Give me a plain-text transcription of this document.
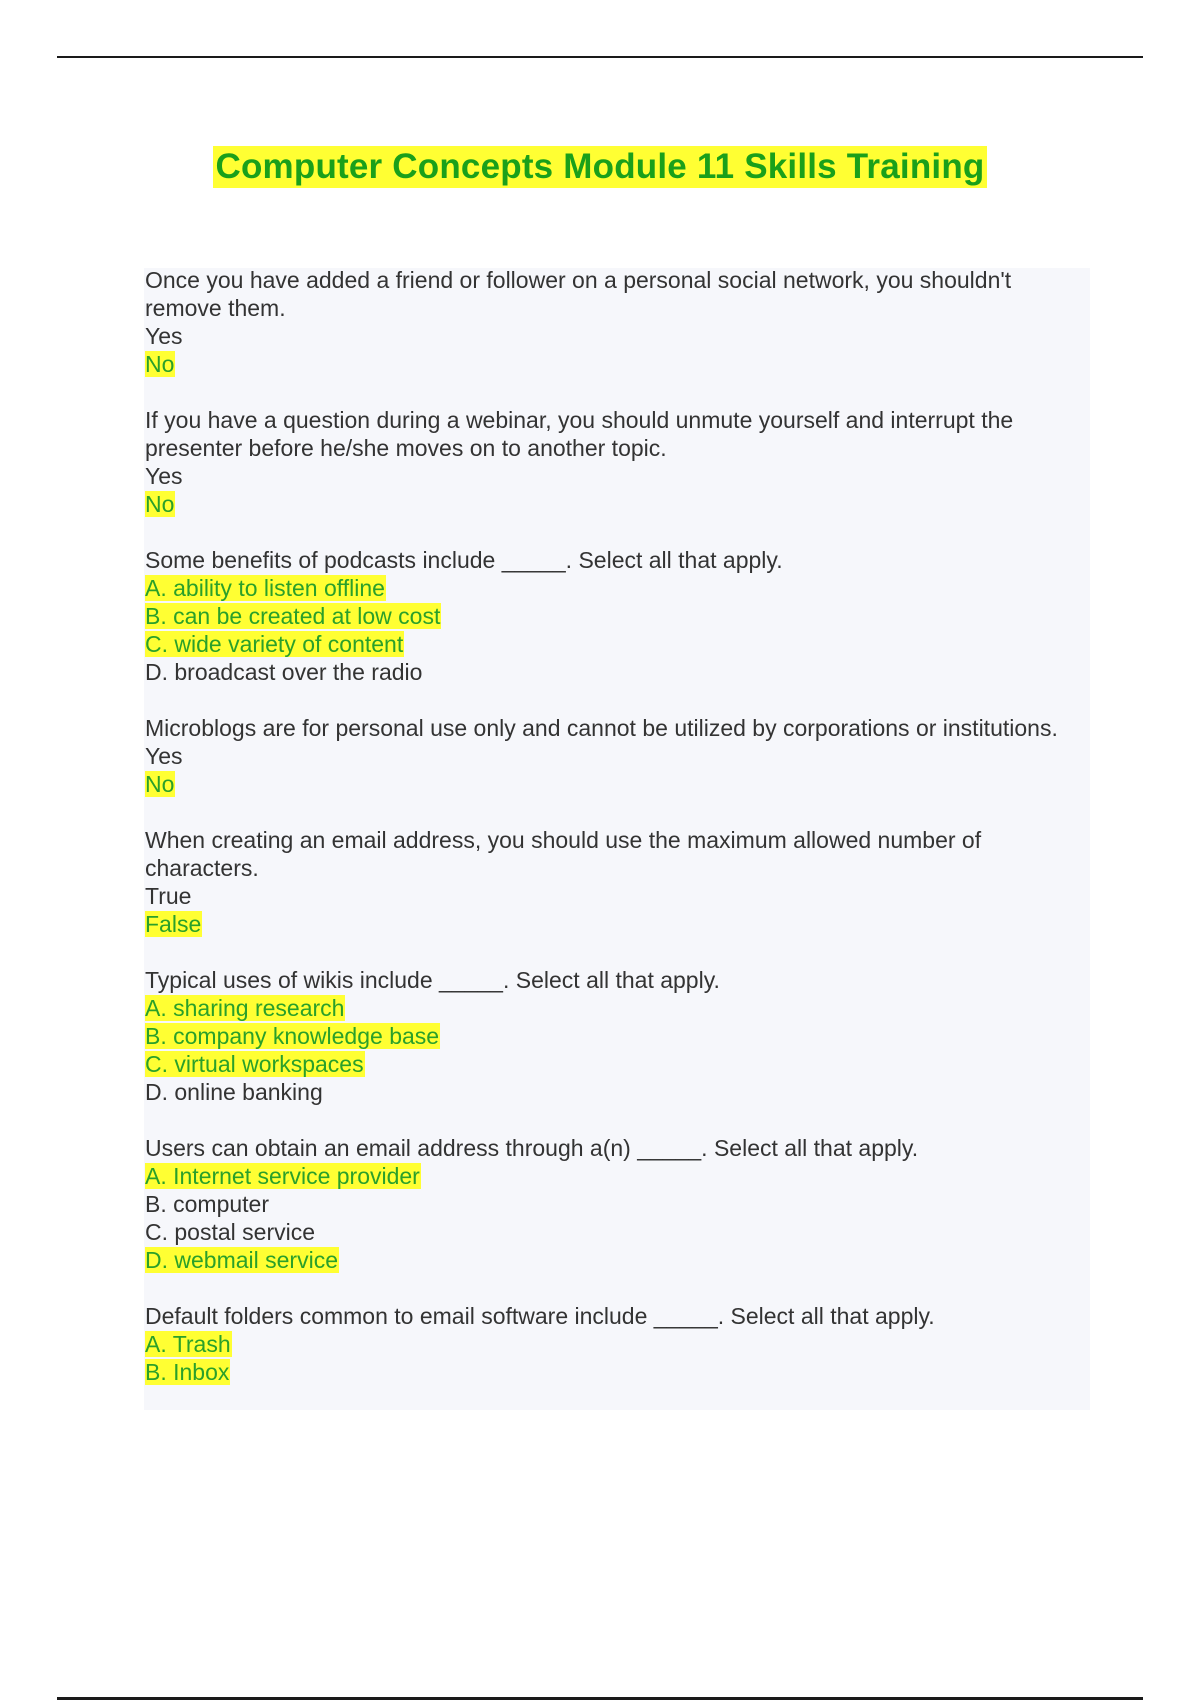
Computer Concepts Module 11 Skills Training

Once you have added a friend or follower on a personal social network, you shouldn't remove them.

Yes
No

If you have a question during a webinar, you should unmute yourself and interrupt the presenter before he/she moves on to another topic.

Yes
No

Some benefits of podcasts include _____. Select all that apply.

A. ability to listen offline
B. can be created at low cost
C. wide variety of content
D. broadcast over the radio

Microblogs are for personal use only and cannot be utilized by corporations or institutions.

Yes
No

When creating an email address, you should use the maximum allowed number of characters.

True
False

Typical uses of wikis include _____. Select all that apply.

A. sharing research
B. company knowledge base
C. virtual workspaces
D. online banking

Users can obtain an email address through a(n) _____. Select all that apply.

A. Internet service provider
B. computer
C. postal service
D. webmail service

Default folders common to email software include _____. Select all that apply.

A. Trash
B. Inbox
